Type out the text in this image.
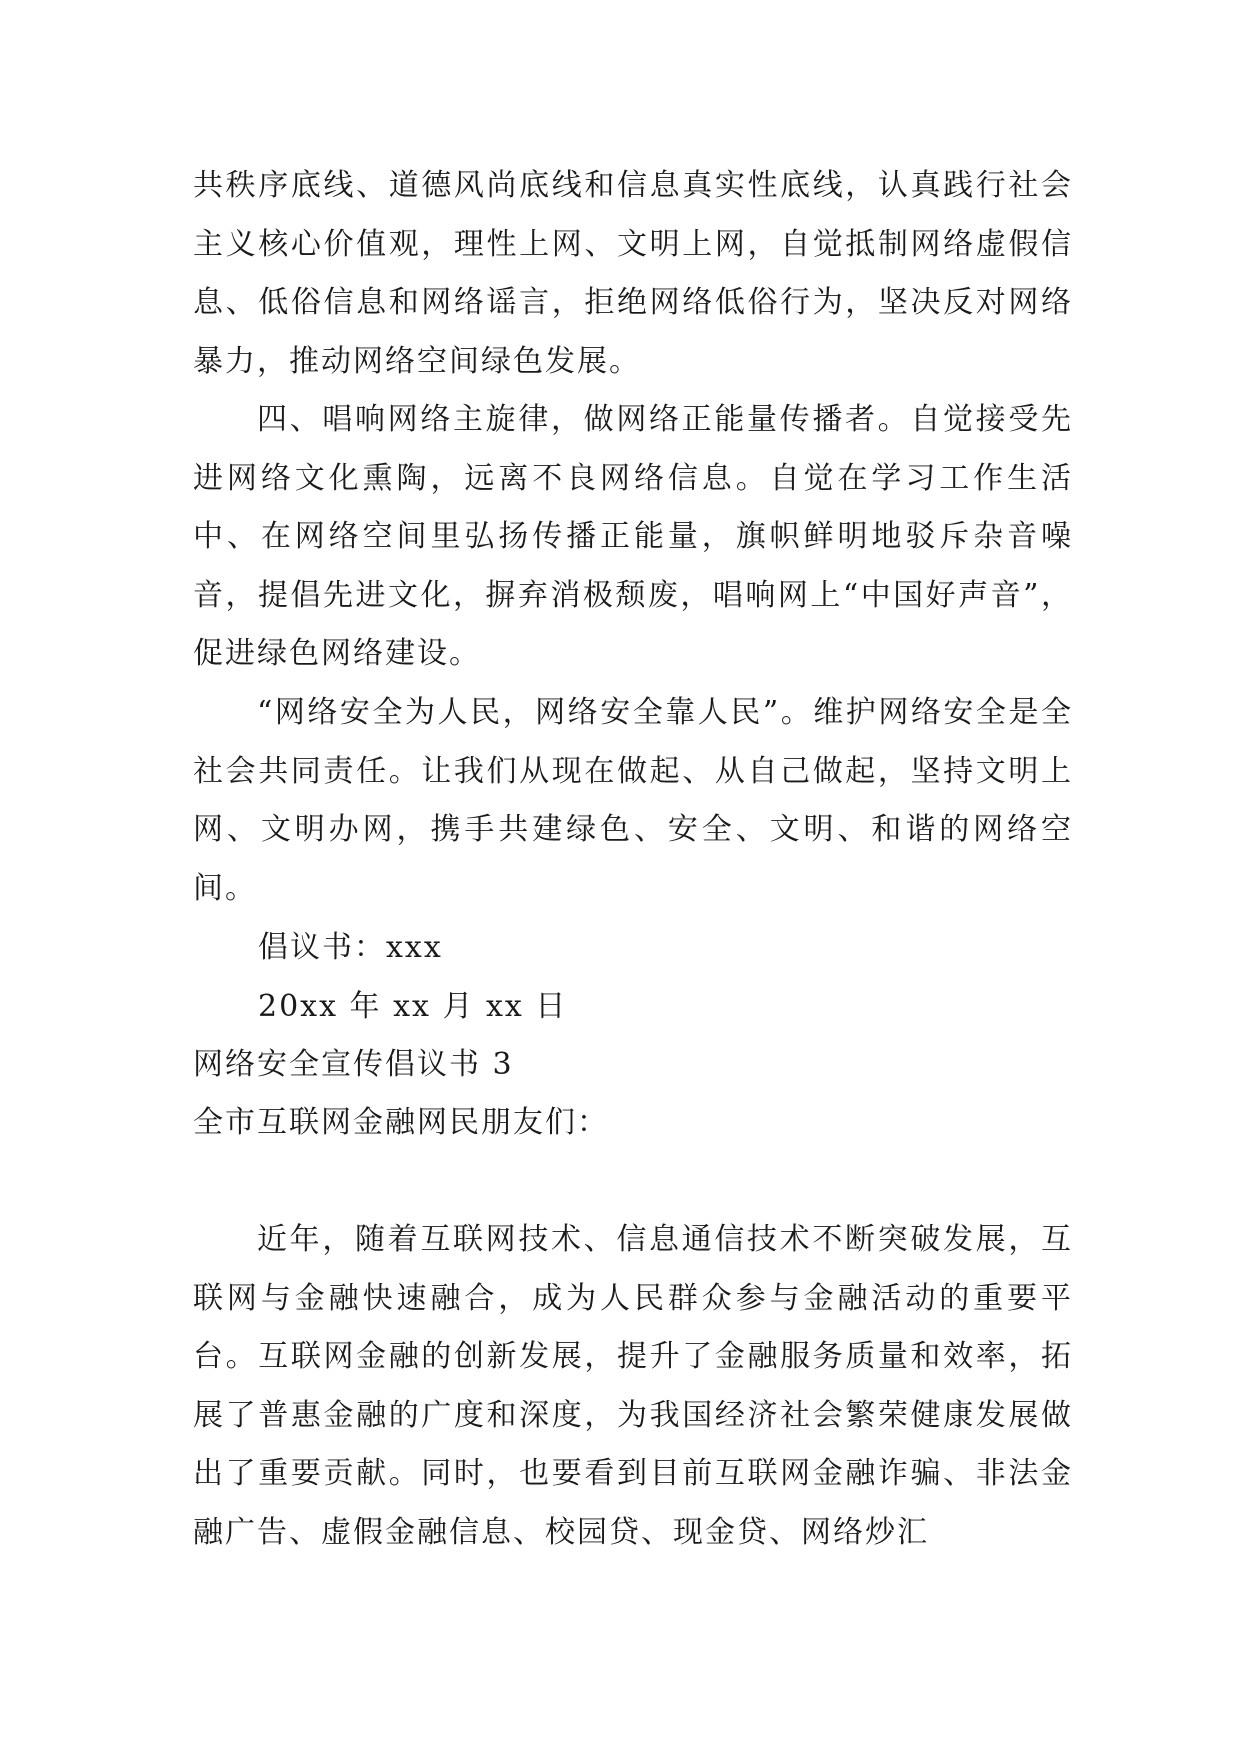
共秩序底线、道德风尚底线和信息真实性底线，认真践行社会主义核心价值观，理性上网、文明上网，自觉抵制网络虚假信息、低俗信息和网络谣言，拒绝网络低俗行为，坚决反对网络暴力，推动网络空间绿色发展。

四、唱响网络主旋律，做网络正能量传播者。自觉接受先进网络文化熏陶，远离不良网络信息。自觉在学习工作生活中、在网络空间里弘扬传播正能量，旗帜鲜明地驳斥杂音噪音，提倡先进文化，摒弃消极颓废，唱响网上“中国好声音”，促进绿色网络建设。

“网络安全为人民，网络安全靠人民”。维护网络安全是全社会共同责任。让我们从现在做起、从自己做起，坚持文明上网、文明办网，携手共建绿色、安全、文明、和谐的网络空间。

倡议书：xxx

20xx 年 xx 月 xx 日

网络安全宣传倡议书 3

全市互联网金融网民朋友们：

近年，随着互联网技术、信息通信技术不断突破发展，互联网与金融快速融合，成为人民群众参与金融活动的重要平台。互联网金融的创新发展，提升了金融服务质量和效率，拓展了普惠金融的广度和深度，为我国经济社会繁荣健康发展做出了重要贡献。同时，也要看到目前互联网金融诈骗、非法金融广告、虚假金融信息、校园贷、现金贷、网络炒汇
